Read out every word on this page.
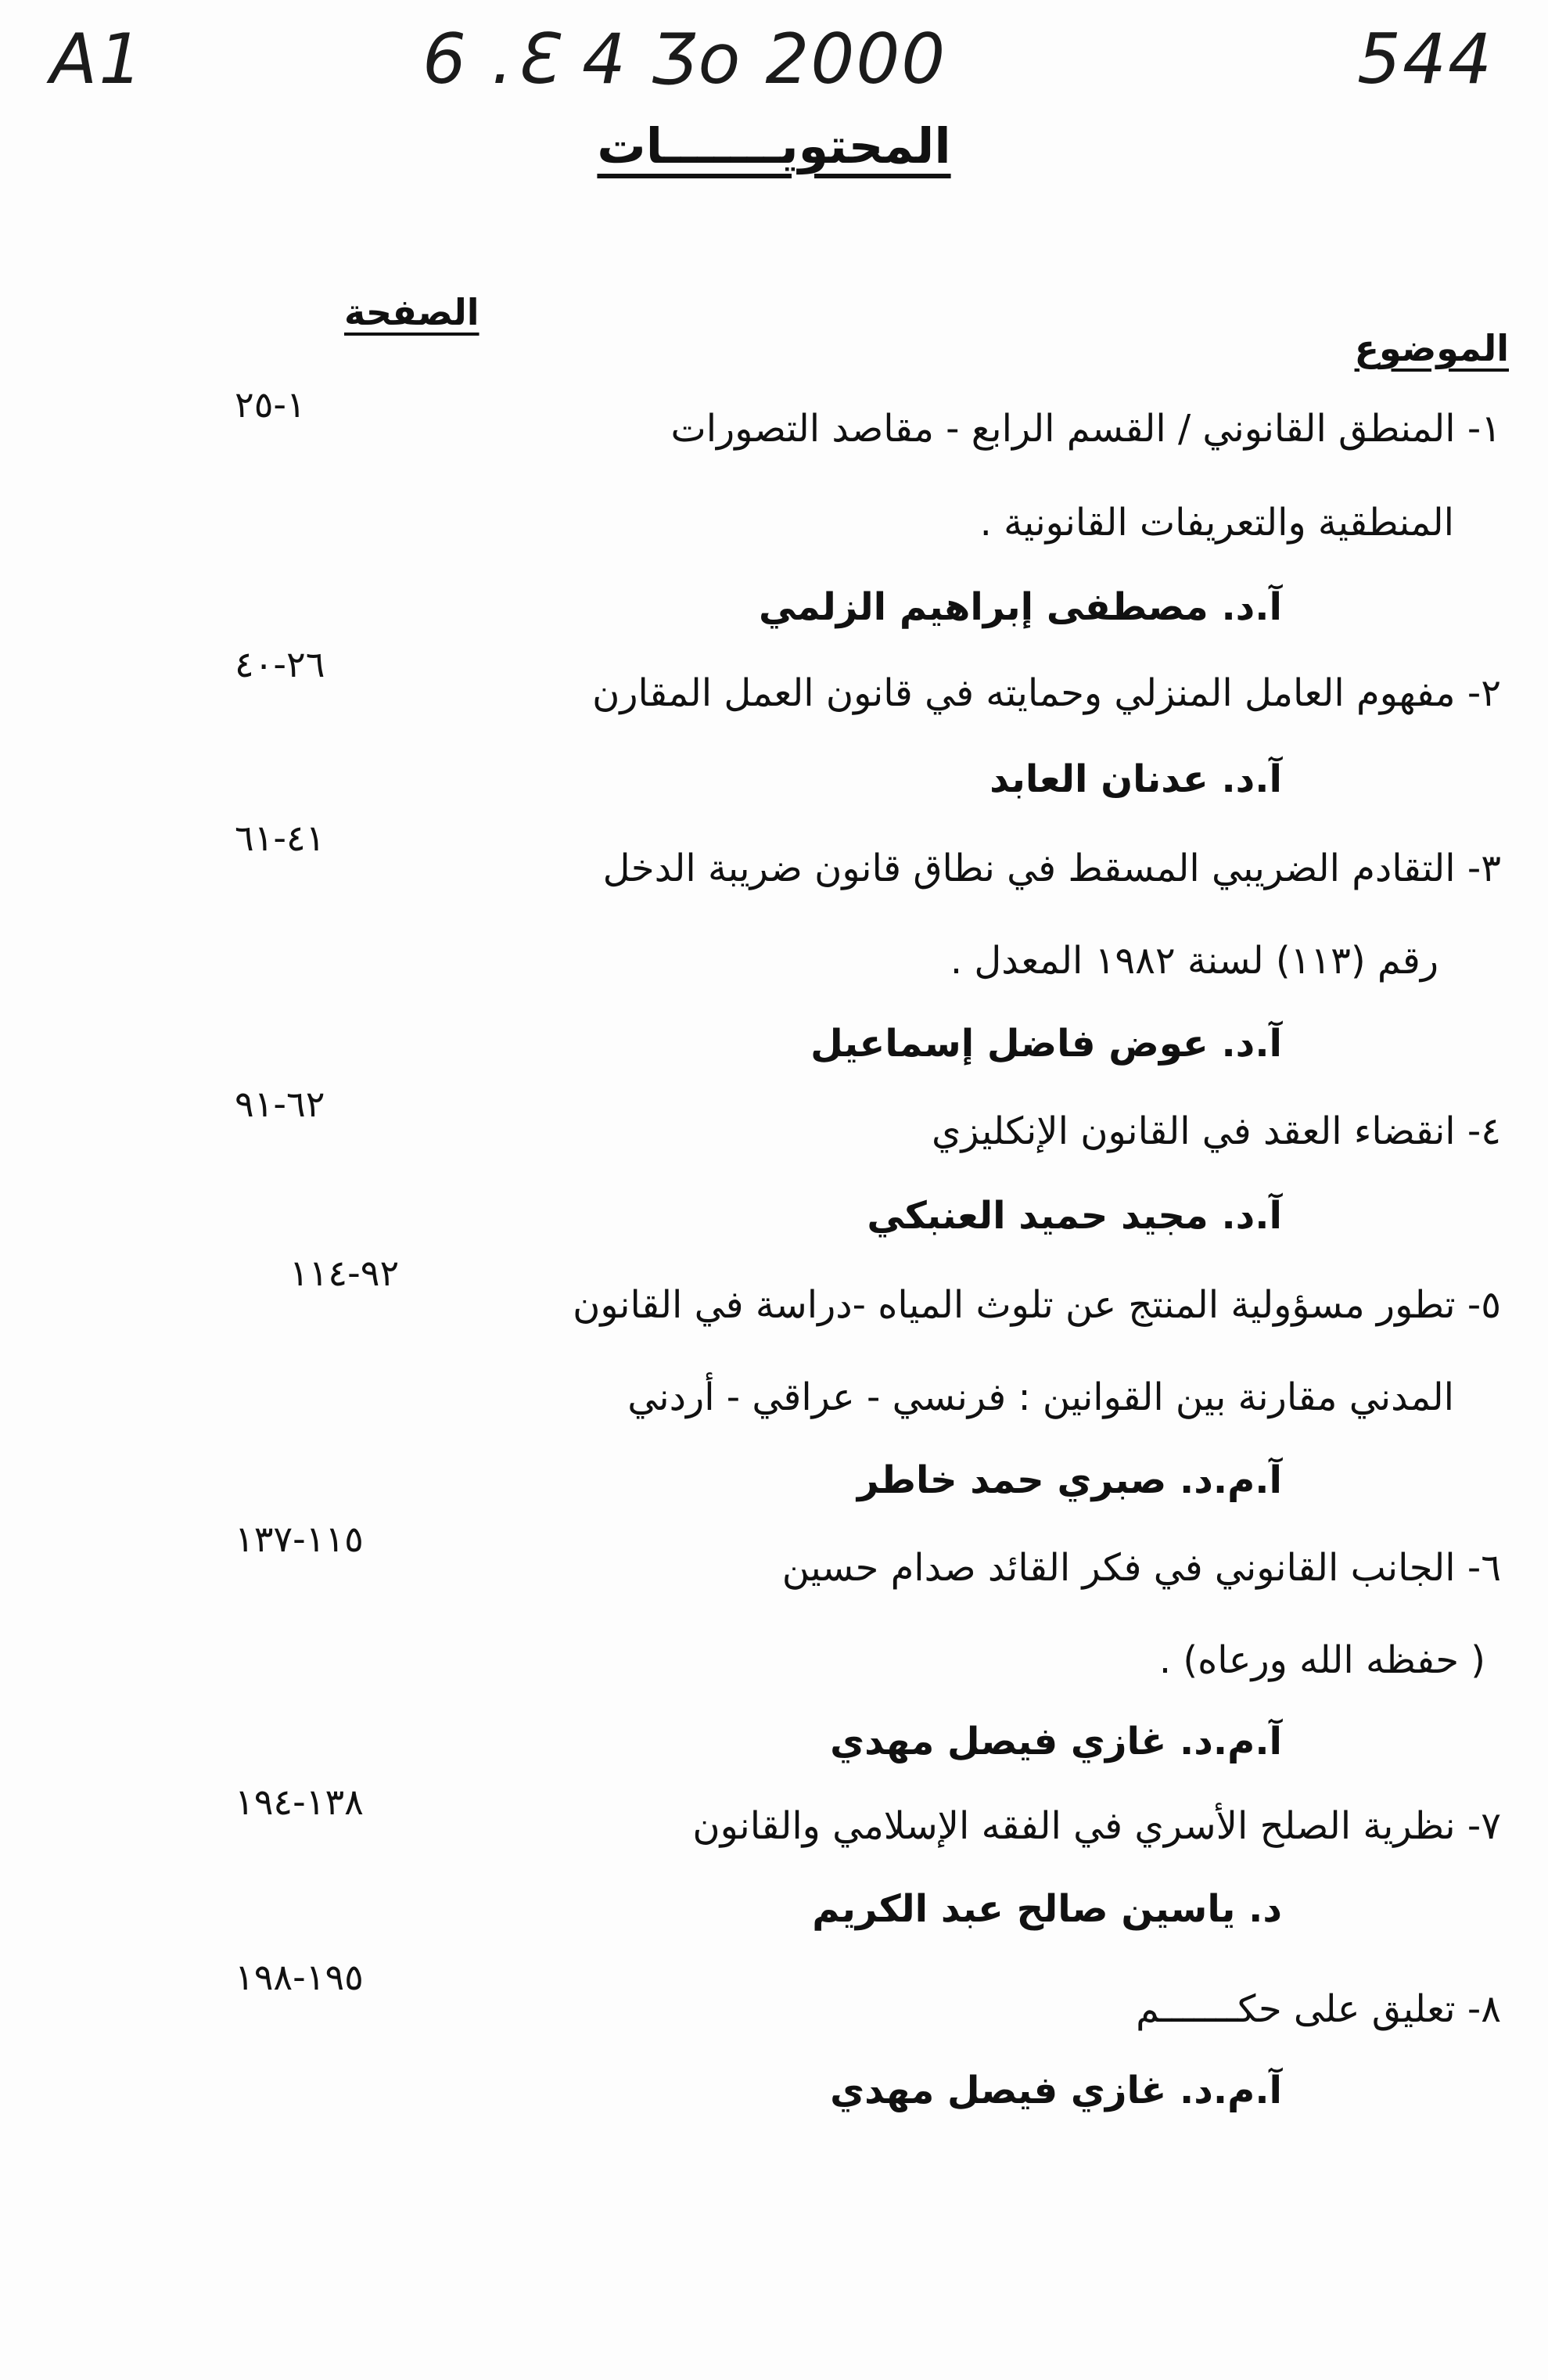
A1	6 .Ɛ 4 Ʒo 2000	544
المحتويـــــــات
الصفحة
الموضوع
١-٢٥
١- المنطق القانوني / القسم الرابع - مقاصد التصورات
المنطقية والتعريفات القانونية .
آ.د. مصطفى إبراهيم الزلمي
٢٦-٤٠
٢- مفهوم العامل المنزلي وحمايته في قانون العمل المقارن
آ.د. عدنان العابد
٤١-٦١
٣- التقادم الضريبي المسقط في نطاق قانون ضريبة الدخل
رقم (١١٣) لسنة ١٩٨٢ المعدل .
آ.د. عوض فاضل إسماعيل
٦٢-٩١
٤- انقضاء العقد في القانون الإنكليزي
آ.د. مجيد حميد العنبكي
٩٢-١١٤
٥- تطور مسؤولية المنتج عن تلوث المياه -دراسة في القانون
المدني مقارنة بين القوانين : فرنسي - عراقي - أردني
آ.م.د. صبري حمد خاطر
١١٥-١٣٧
٦- الجانب القانوني في فكر القائد صدام حسين
( حفظه الله ورعاه) .
آ.م.د. غازي فيصل مهدي
١٣٨-١٩٤
٧- نظرية الصلح الأسري في الفقه الإسلامي والقانون
د. ياسين صالح عبد الكريم
١٩٥-١٩٨
٨- تعليق على حكـــــــم
آ.م.د. غازي فيصل مهدي
